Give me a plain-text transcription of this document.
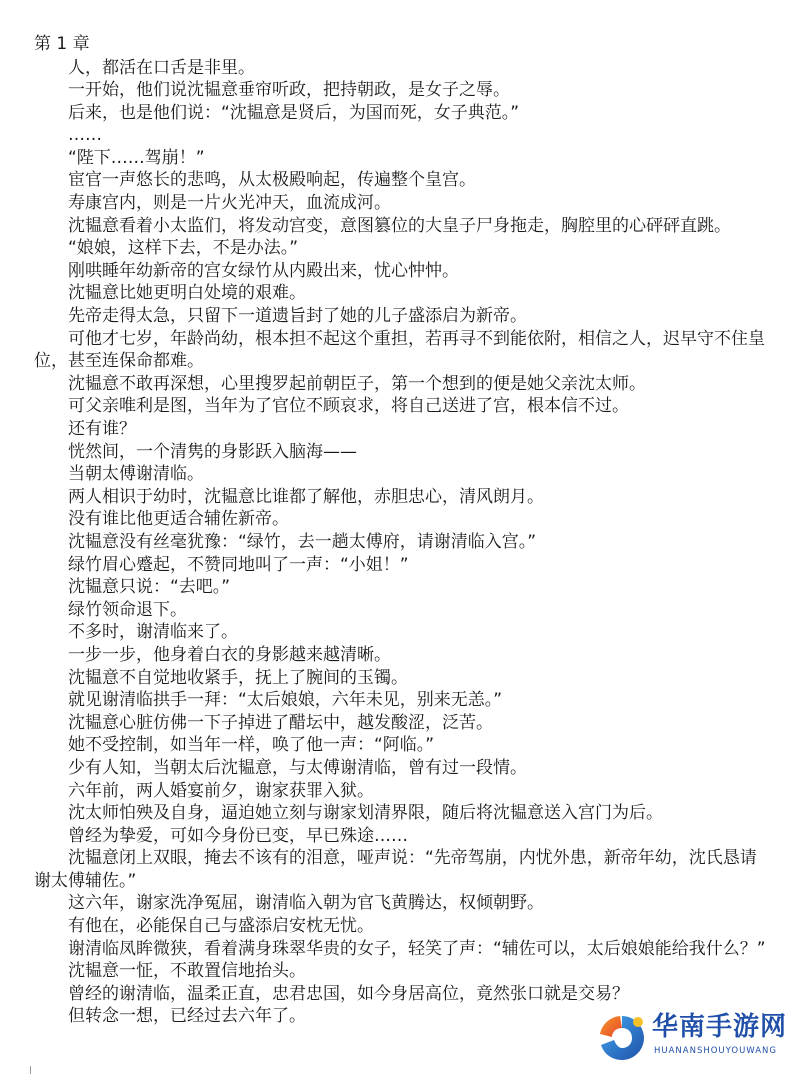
第 1 章

人，都活在口舌是非里。

一开始，他们说沈韫意垂帘听政，把持朝政，是女子之辱。

后来，也是他们说：“沈韫意是贤后，为国而死，女子典范。”

……

“陛下……驾崩！”

宦官一声悠长的悲鸣，从太极殿响起，传遍整个皇宫。

寿康宫内，则是一片火光冲天，血流成河。

沈韫意看着小太监们，将发动宫变，意图篡位的大皇子尸身拖走，胸腔里的心砰砰直跳。

“娘娘，这样下去，不是办法。”

刚哄睡年幼新帝的宫女绿竹从内殿出来，忧心忡忡。

沈韫意比她更明白处境的艰难。

先帝走得太急，只留下一道遗旨封了她的儿子盛添启为新帝。

可他才七岁，年龄尚幼，根本担不起这个重担，若再寻不到能依附，相信之人，迟早守不住皇位，甚至连保命都难。

沈韫意不敢再深想，心里搜罗起前朝臣子，第一个想到的便是她父亲沈太师。

可父亲唯利是图，当年为了官位不顾哀求，将自己送进了宫，根本信不过。

还有谁？

恍然间，一个清隽的身影跃入脑海——

当朝太傅谢清临。

两人相识于幼时，沈韫意比谁都了解他，赤胆忠心，清风朗月。

没有谁比他更适合辅佐新帝。

沈韫意没有丝毫犹豫：“绿竹，去一趟太傅府，请谢清临入宫。”

绿竹眉心蹙起，不赞同地叫了一声：“小姐！”

沈韫意只说：“去吧。”

绿竹领命退下。

不多时，谢清临来了。

一步一步，他身着白衣的身影越来越清晰。

沈韫意不自觉地收紧手，抚上了腕间的玉镯。

就见谢清临拱手一拜：“太后娘娘，六年未见，别来无恙。”

沈韫意心脏仿佛一下子掉进了醋坛中，越发酸涩，泛苦。

她不受控制，如当年一样，唤了他一声：“阿临。”

少有人知，当朝太后沈韫意，与太傅谢清临，曾有过一段情。

六年前，两人婚宴前夕，谢家获罪入狱。

沈太师怕殃及自身，逼迫她立刻与谢家划清界限，随后将沈韫意送入宫门为后。

曾经为挚爱，可如今身份已变，早已殊途……

沈韫意闭上双眼，掩去不该有的泪意，哑声说：“先帝驾崩，内忧外患，新帝年幼，沈氏恳请谢太傅辅佐。”

这六年，谢家洗净冤屈，谢清临入朝为官飞黄腾达，权倾朝野。

有他在，必能保自己与盛添启安枕无忧。

谢清临凤眸微狭，看着满身珠翠华贵的女子，轻笑了声：“辅佐可以，太后娘娘能给我什么？”

沈韫意一怔，不敢置信地抬头。

曾经的谢清临，温柔正直，忠君忠国，如今身居高位，竟然张口就是交易？

但转念一想，已经过去六年了。	华南手游网
HUANANSHOUYOUWANG
